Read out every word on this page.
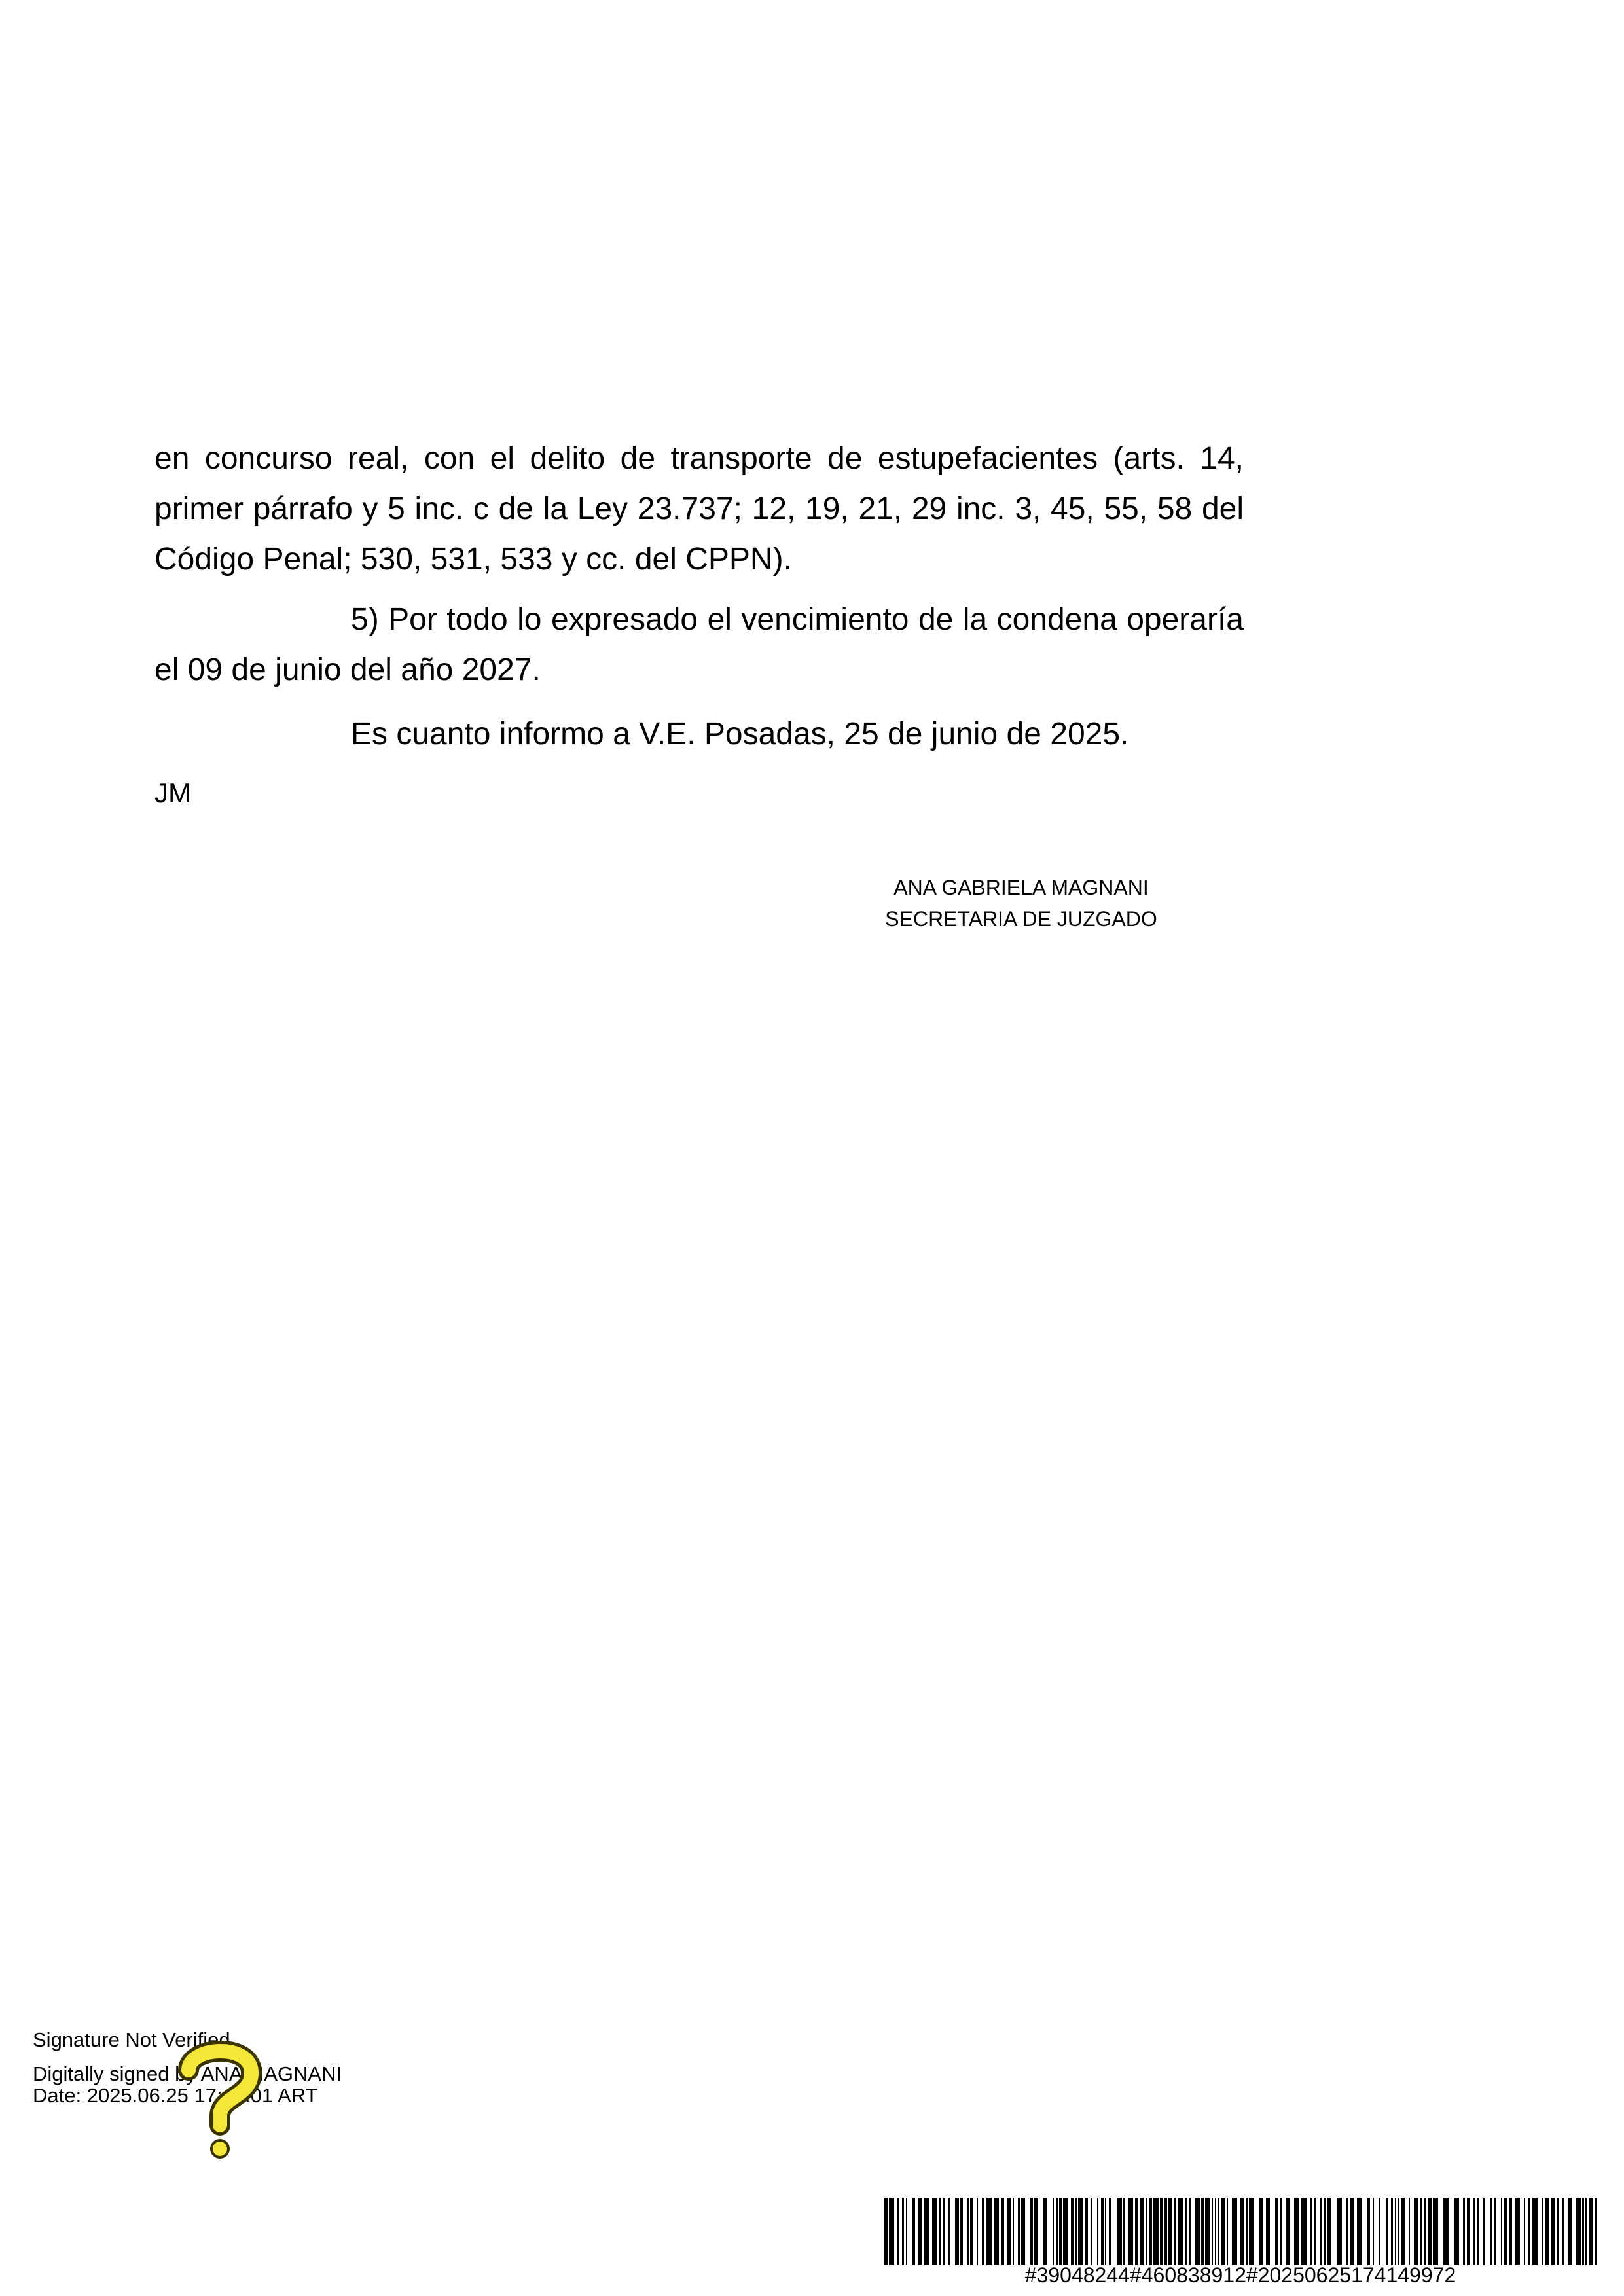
en concurso real, con el delito de transporte de estupefacientes (arts. 14, primer párrafo y 5 inc. c de la Ley 23.737; 12, 19, 21, 29 inc. 3, 45, 55, 58 del Código Penal; 530, 531, 533 y cc. del CPPN).

5) Por todo lo expresado el vencimiento de la condena operaría el 09 de junio del año 2027.

Es cuanto informo a V.E. Posadas, 25 de junio de 2025.

JM

ANA GABRIELA MAGNANI
SECRETARIA DE JUZGADO
Signature Not Verified
Digitally signed by ANA MAGNANI
Date: 2025.06.25 17:42:01 ART
#39048244#460838912#20250625174149972
